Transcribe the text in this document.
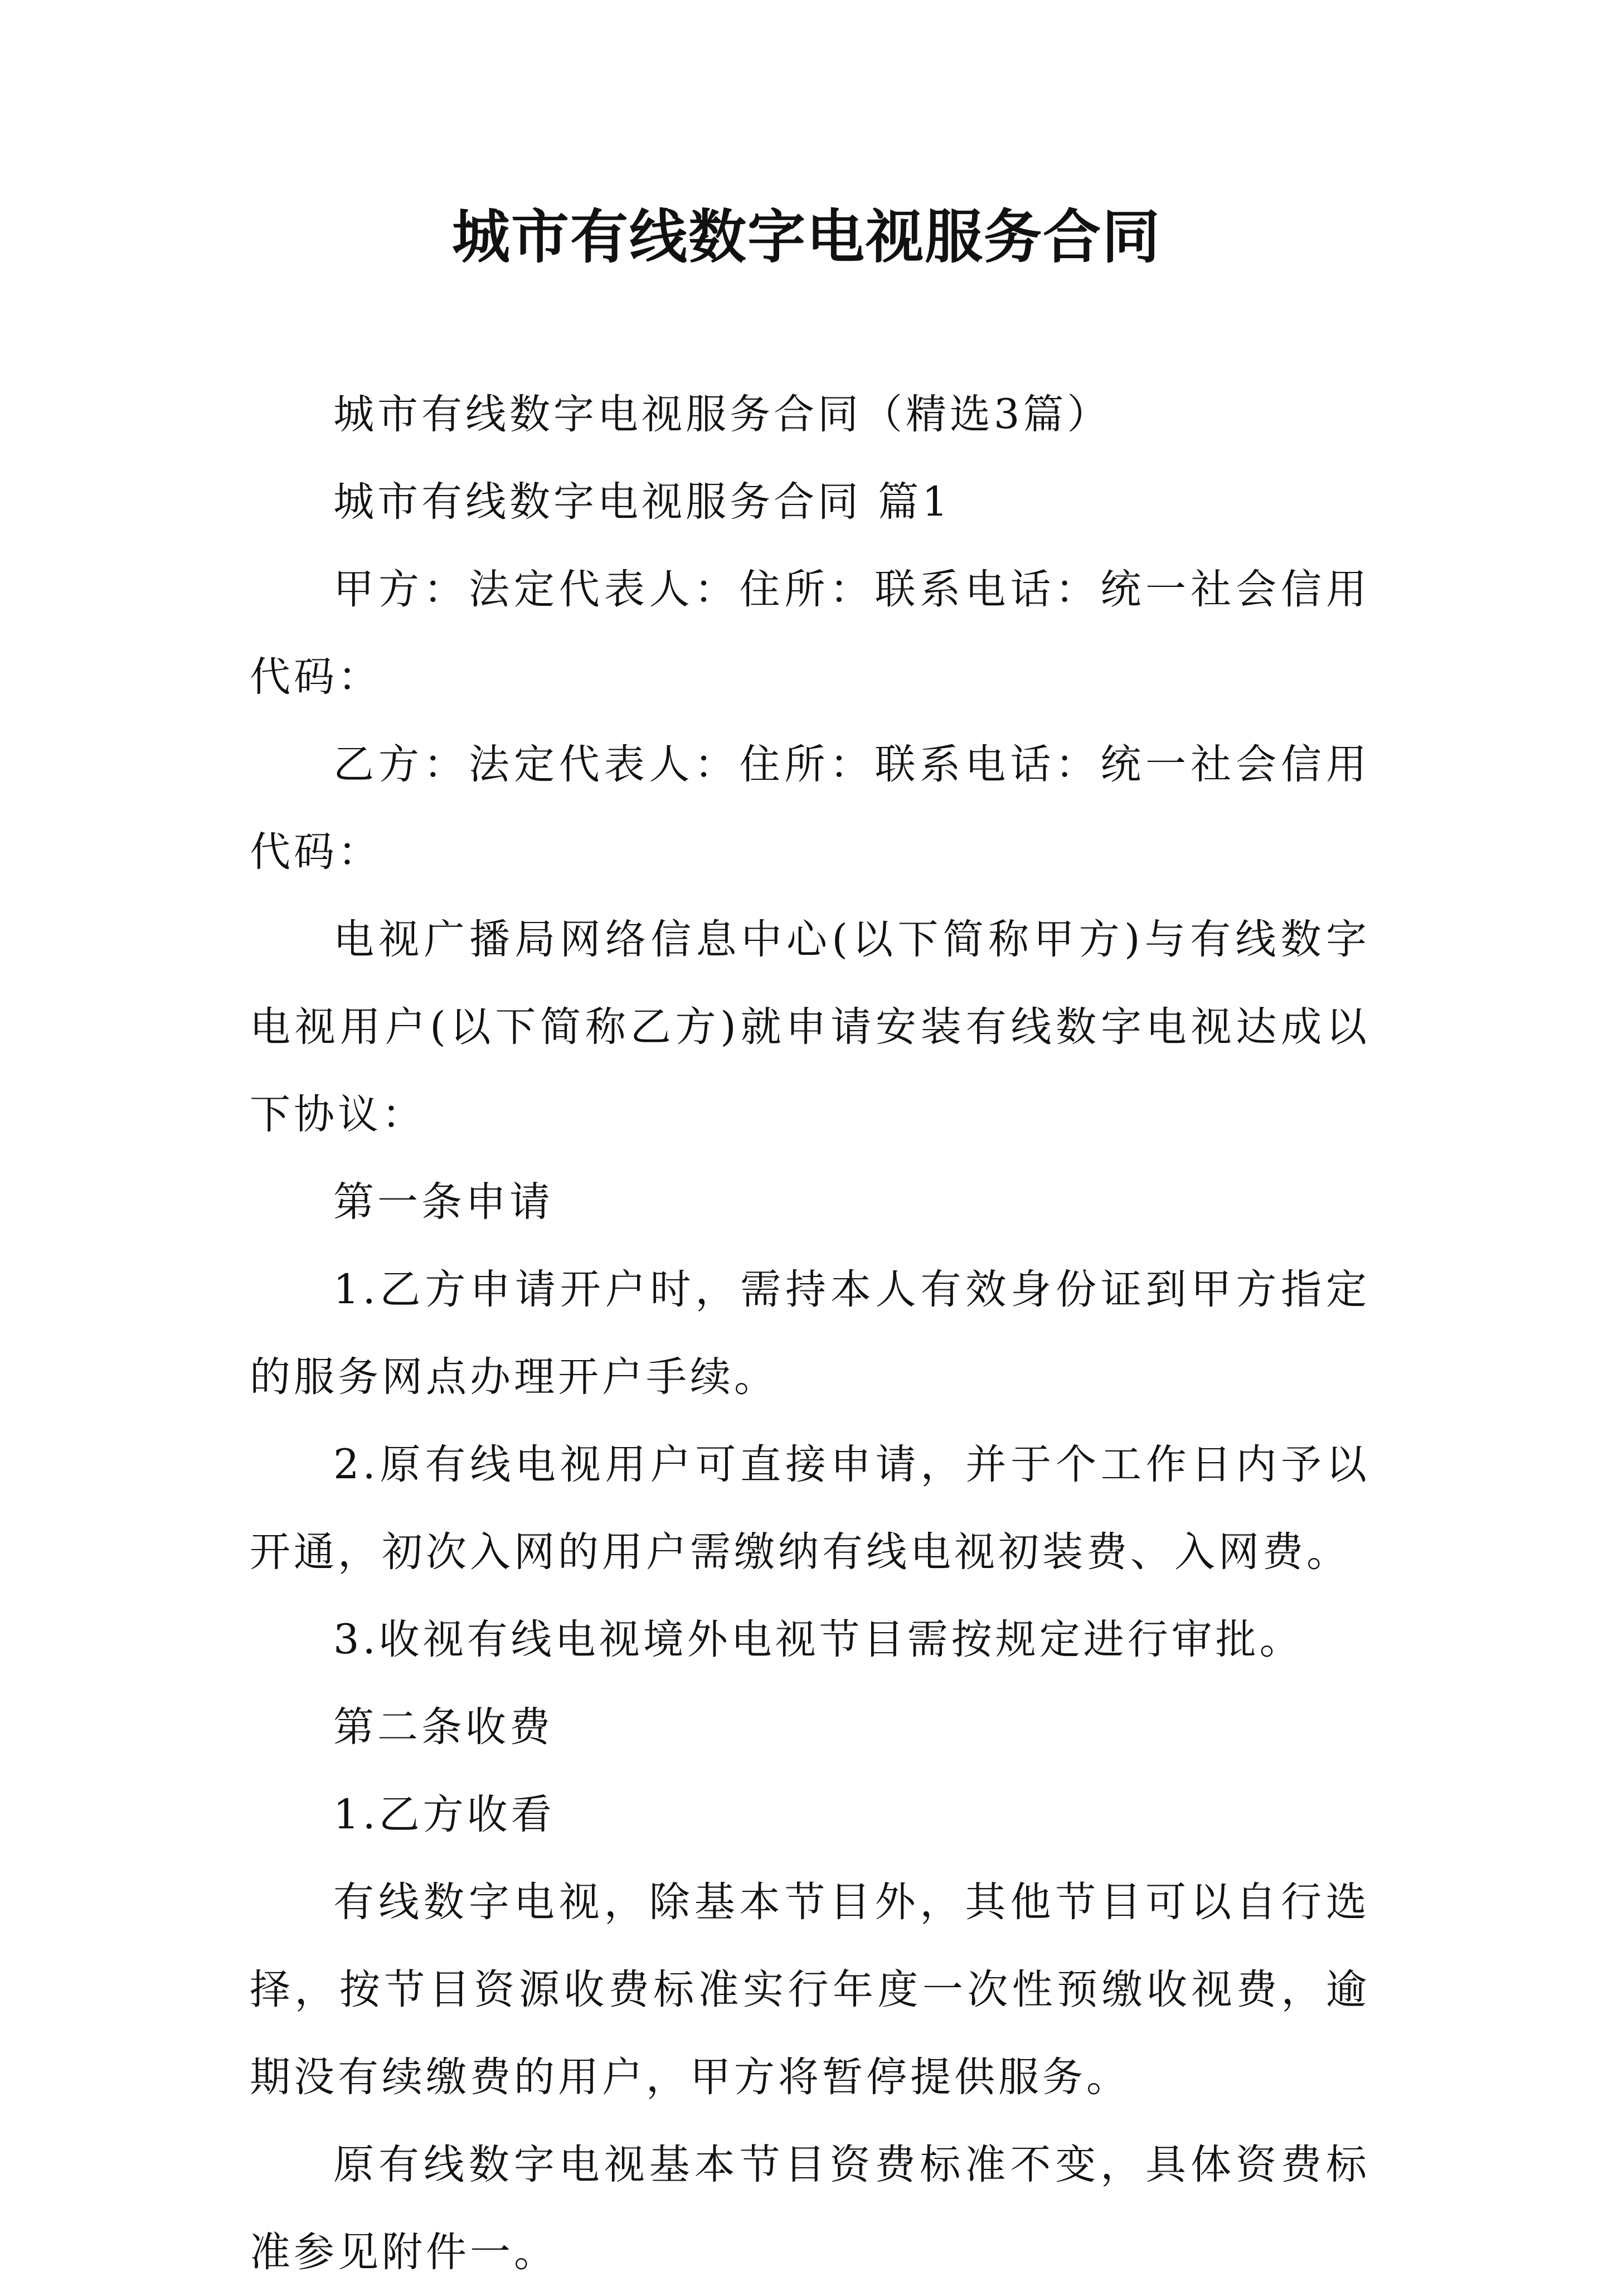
城市有线数字电视服务合同

城市有线数字电视服务合同（精选3篇）

城市有线数字电视服务合同 篇1

甲方：法定代表人：住所：联系电话：统一社会信用代码：

乙方：法定代表人：住所：联系电话：统一社会信用代码：

电视广播局网络信息中心(以下简称甲方)与有线数字电视用户(以下简称乙方)就申请安装有线数字电视达成以下协议：

第一条申请

1.乙方申请开户时，需持本人有效身份证到甲方指定的服务网点办理开户手续。

2.原有线电视用户可直接申请，并于个工作日内予以开通，初次入网的用户需缴纳有线电视初装费、入网费。

3.收视有线电视境外电视节目需按规定进行审批。

第二条收费

1.乙方收看

有线数字电视，除基本节目外，其他节目可以自行选择，按节目资源收费标准实行年度一次性预缴收视费，逾期没有续缴费的用户，甲方将暂停提供服务。

原有线数字电视基本节目资费标准不变，具体资费标准参见附件一。
